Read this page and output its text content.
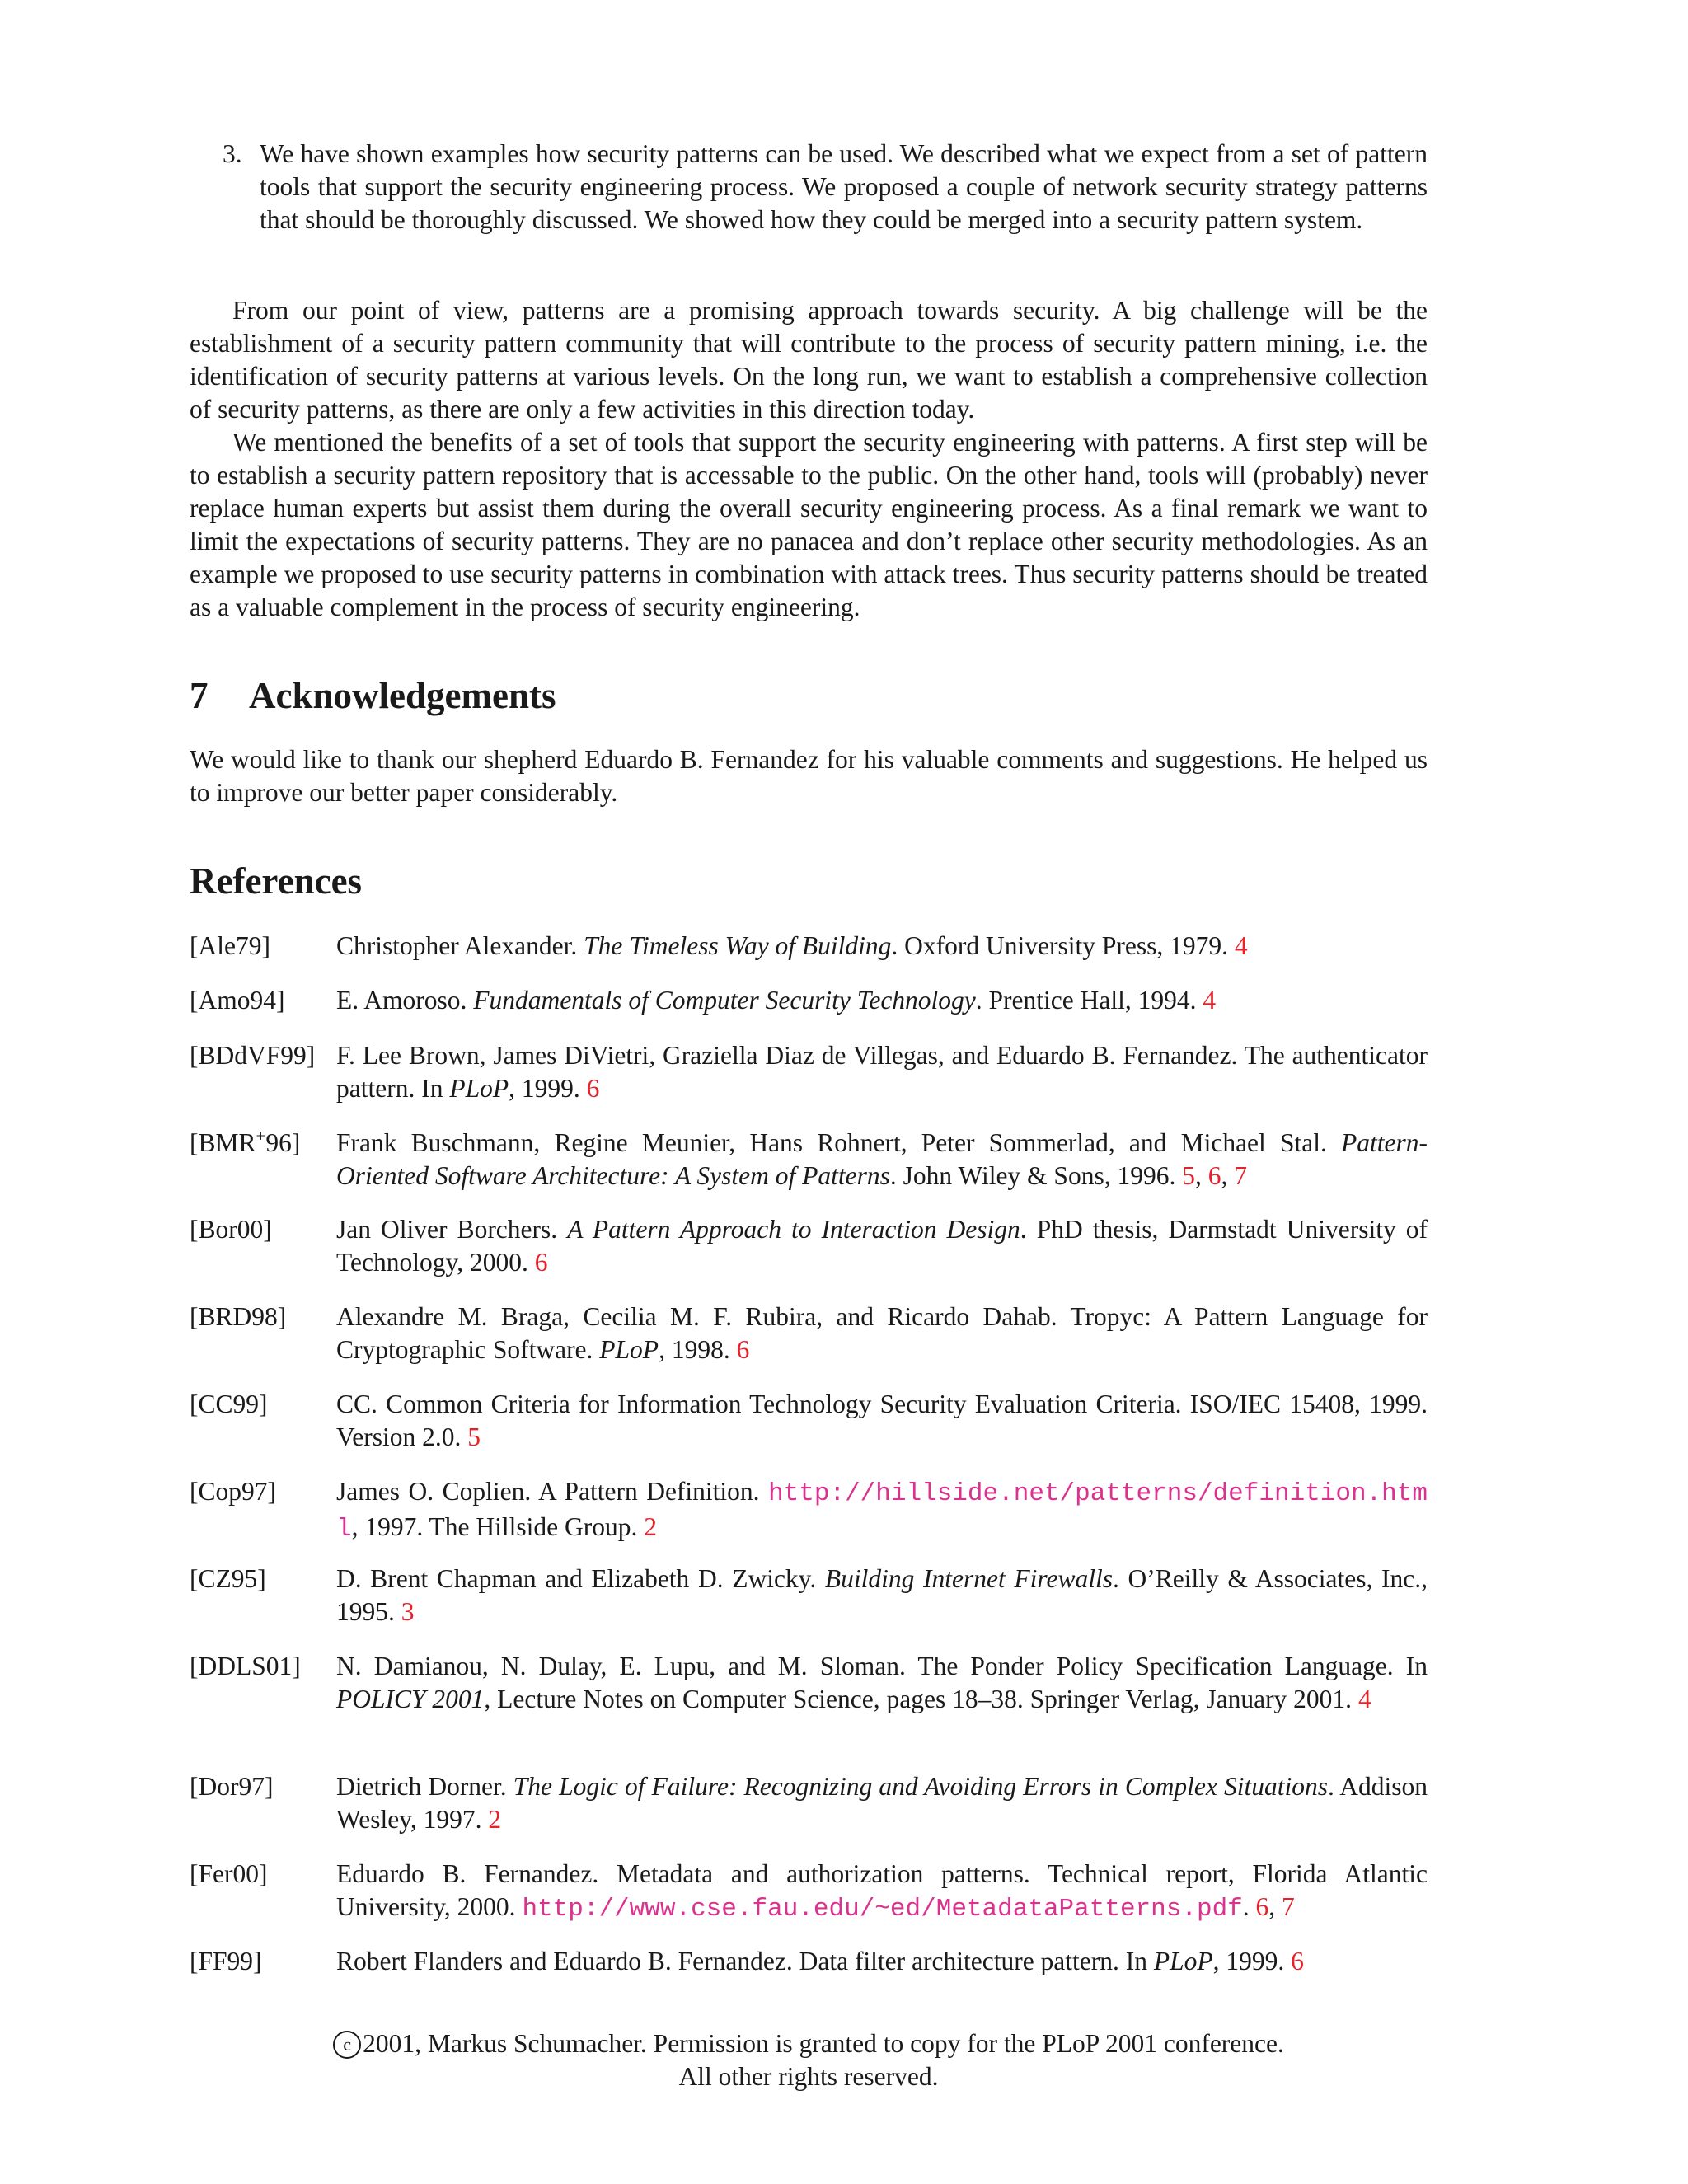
3. We have shown examples how security patterns can be used. We described what we expect from a set of pattern tools that support the security engineering process. We proposed a couple of network security strategy patterns that should be thoroughly discussed. We showed how they could be merged into a security pattern system.

From our point of view, patterns are a promising approach towards security. A big challenge will be the establishment of a security pattern community that will contribute to the process of security pattern mining, i.e. the identification of security patterns at various levels. On the long run, we want to establish a comprehensive collection of security patterns, as there are only a few activities in this direction today.

We mentioned the benefits of a set of tools that support the security engineering with patterns. A first step will be to establish a security pattern repository that is accessable to the public. On the other hand, tools will (probably) never replace human experts but assist them during the overall security engineering process. As a final remark we want to limit the expectations of security patterns. They are no panacea and don’t replace other security methodologies. As an example we proposed to use security patterns in combination with attack trees. Thus security patterns should be treated as a valuable complement in the process of security engineering.

7 Acknowledgements

We would like to thank our shepherd Eduardo B. Fernandez for his valuable comments and suggestions. He helped us to improve our better paper considerably.

References
[Ale79]	Christopher Alexander. The Timeless Way of Building. Oxford University Press, 1979. 4
[Amo94] E. Amoroso. Fundamentals of Computer Security Technology. Prentice Hall, 1994. 4
[BDdVF99] F. Lee Brown, James DiVietri, Graziella Diaz de Villegas, and Eduardo B. Fernandez. The authenticator pattern. In PLoP, 1999. 6
[BMR+96] Frank Buschmann, Regine Meunier, Hans Rohnert, Peter Sommerlad, and Michael Stal. Pattern-Oriented Software Architecture: A System of Patterns. John Wiley & Sons, 1996. 5, 6, 7
[Bor00] Jan Oliver Borchers. A Pattern Approach to Interaction Design. PhD thesis, Darmstadt University of Technology, 2000. 6
[BRD98] Alexandre M. Braga, Cecilia M. F. Rubira, and Ricardo Dahab. Tropyc: A Pattern Language for Cryptographic Software. PLoP, 1998. 6
[CC99]	CC. Common Criteria for Information Technology Security Evaluation Criteria. ISO/IEC 15408, 1999. Version 2.0. 5
[Cop97] James O. Coplien. A Pattern Definition. http://hillside.net/patterns/definition.html, 1997. The Hillside Group. 2
[CZ95]	D. Brent Chapman and Elizabeth D. Zwicky. Building Internet Firewalls. O’Reilly & Associates, Inc., 1995. 3
[DDLS01] N. Damianou, N. Dulay, E. Lupu, and M. Sloman. The Ponder Policy Specification Language. In POLICY 2001, Lecture Notes on Computer Science, pages 18–38. Springer Verlag, January 2001. 4
[Dor97] Dietrich Dorner. The Logic of Failure: Recognizing and Avoiding Errors in Complex Situations. Addison Wesley, 1997. 2
[Fer00]	Eduardo B. Fernandez. Metadata and authorization patterns. Technical report, Florida Atlantic University, 2000. http://www.cse.fau.edu/~ed/MetadataPatterns.pdf. 6, 7
[FF99]	Robert Flanders and Eduardo B. Fernandez. Data filter architecture pattern. In PLoP, 1999. 6
c 2001, Markus Schumacher. Permission is granted to copy for the PLoP 2001 conference.
All other rights reserved.
